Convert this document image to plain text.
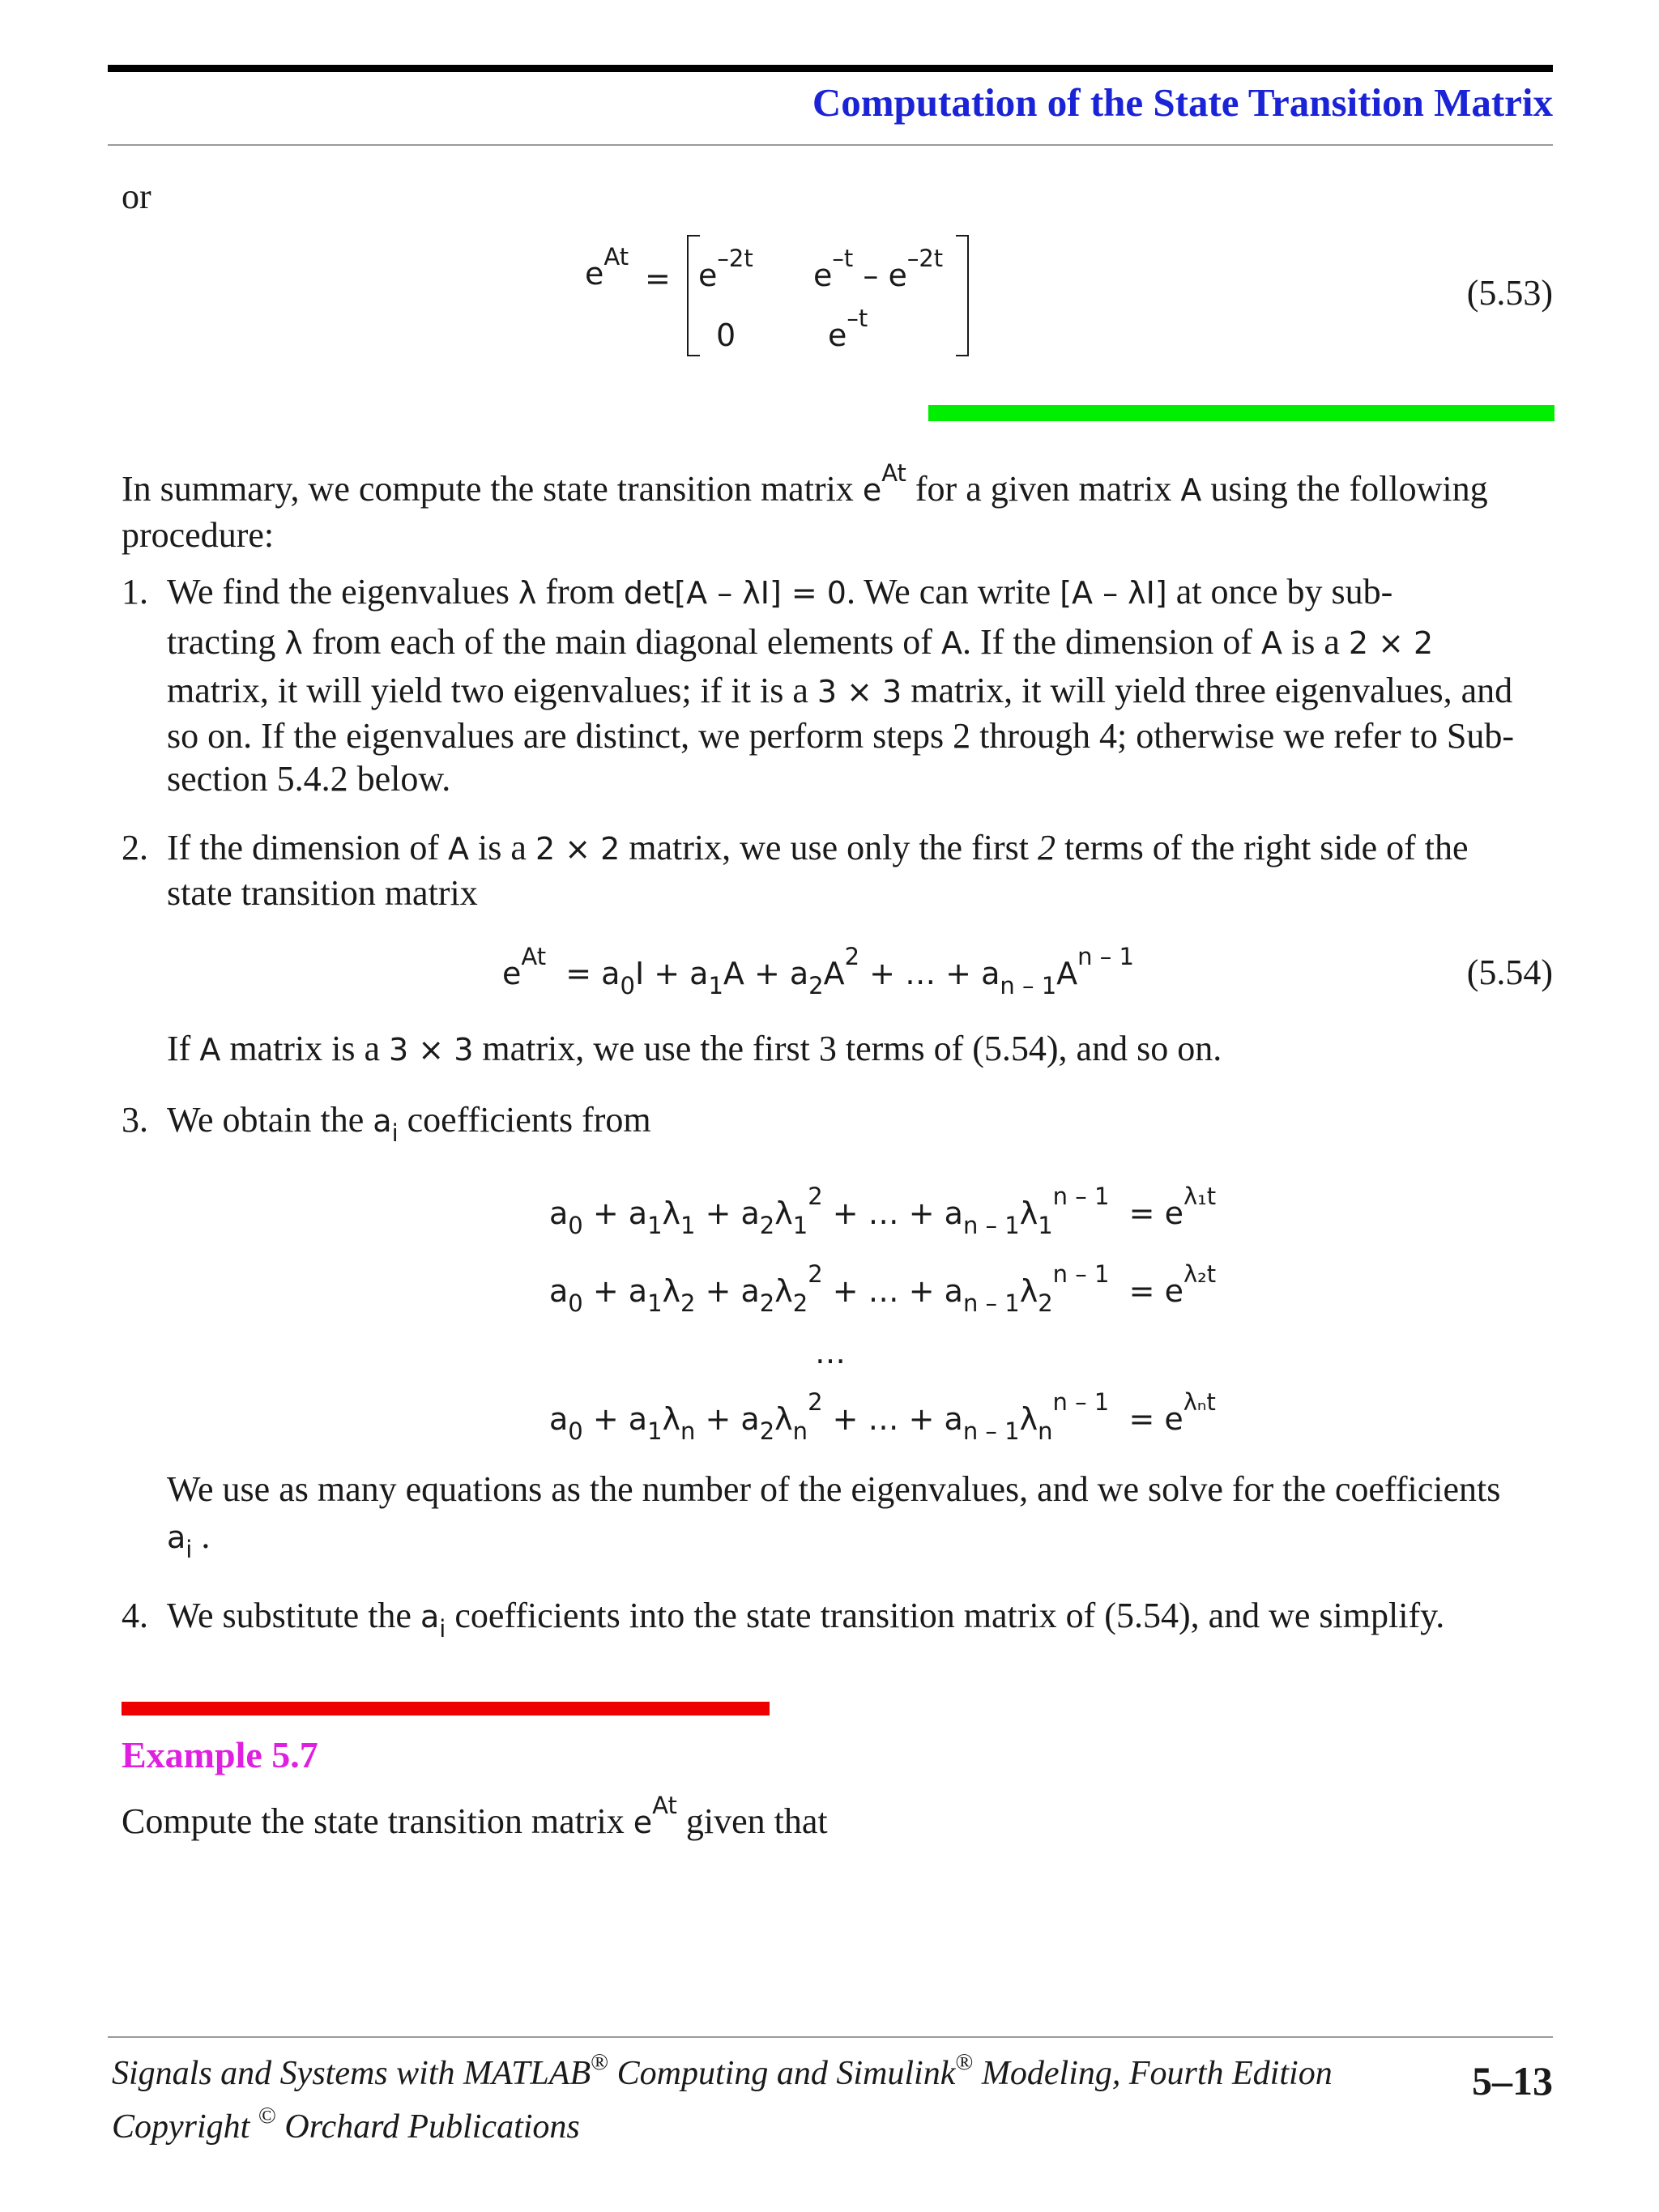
Computation of the State Transition Matrix
or
$e^{At}$
= $e^{-2t}$ $e^{-t} - e^{-2t}$
0	$e^{-t}$
(5.53)
In summary, we compute the state transition matrix $e^{At}$ for a given matrix A using the following
procedure:
1. We find the eigenvalues λ from det[A – λI] = 0. We can write [A – λI] at once by sub-
tracting λ from each of the main diagonal elements of A. If the dimension of A is a 2 × 2
matrix, it will yield two eigenvalues; if it is a 3 × 3 matrix, it will yield three eigenvalues, and
so on. If the eigenvalues are distinct, we perform steps 2 through 4; otherwise we refer to Sub-
section 5.4.2 below.
2. If the dimension of A is a 2 × 2 matrix, we use only the first 2 terms of the right side of the
state transition matrix
$e^{At} = a_0I + a_1A + a_2A^2$ + … + $a_{n - 1}A^{n - 1}$	(5.54)
If A matrix is a 3 × 3 matrix, we use the first 3 terms of (5.54), and so on.
3. We obtain the $a_i$ coefficients from
$a_0 + a_1\lambda_1 + a_2\lambda_1^2$ + … + $a_{n - 1}\lambda_1^{n - 1} = e^{\lambda_1t}$
$a_0 + a_1\lambda_2 + a_2\lambda_2^2$ + … + $a_{n - 1}\lambda_2^{n - 1} = e^{\lambda_2t}$
…
$a_0 + a_1\lambda_n + a_2\lambda_n^2$ + … + $a_{n - 1}\lambda_n^{n - 1} = e^{\lambda_nt}$
We use as many equations as the number of the eigenvalues, and we solve for the coefficients
$a_i$ .
4. We substitute the $a_i$ coefficients into the state transition matrix of (5.54), and we simplify.
Example 5.7
Compute the state transition matrix $e^{At}$ given that
Signals and Systems with MATLAB® Computing and Simulink® Modeling, Fourth Edition
Copyright © Orchard Publications
5–13
